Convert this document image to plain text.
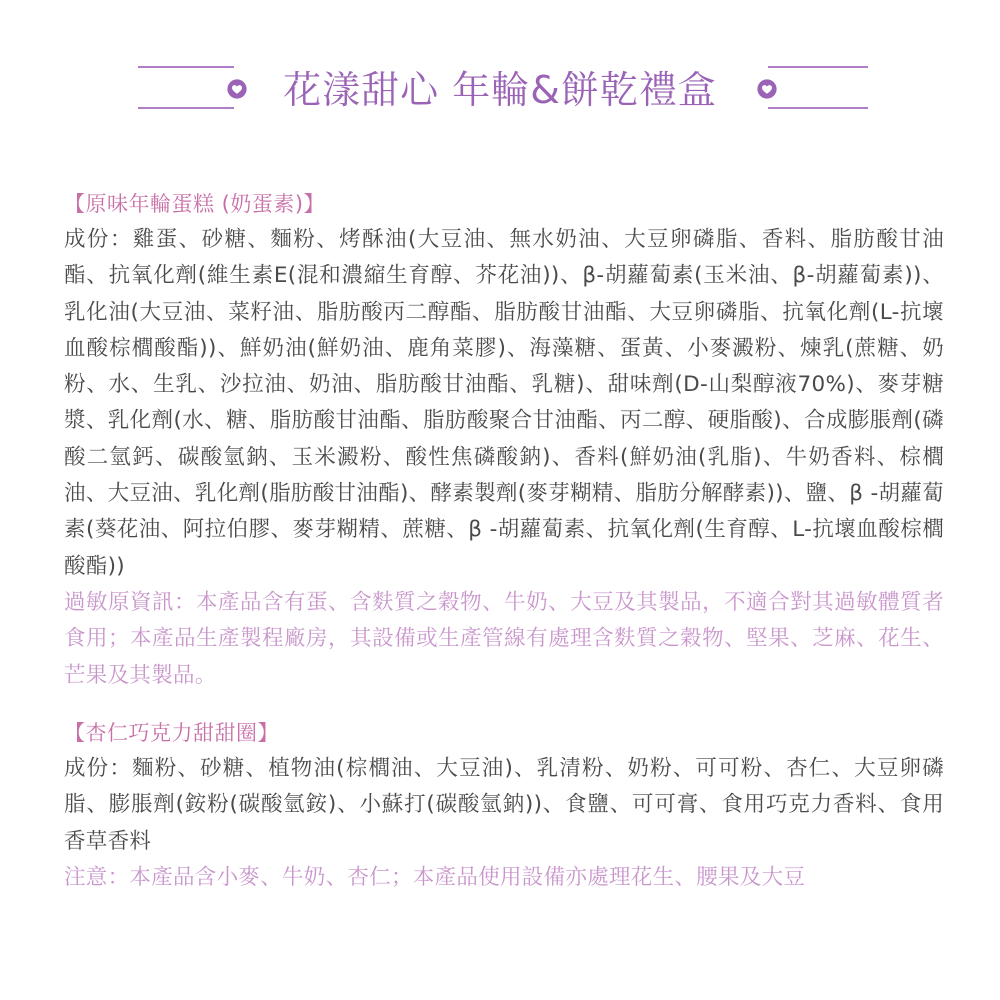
花漾甜心 年輪&餅乾禮盒
【原味年輪蛋糕 (奶蛋素)】

成份：雞蛋、砂糖、麵粉、烤酥油(大豆油、無水奶油、大豆卵磷脂、香料、脂肪酸甘油酯、抗氧化劑(維生素E(混和濃縮生育醇、芥花油))、β-胡蘿蔔素(玉米油、β-胡蘿蔔素))、乳化油(大豆油、菜籽油、脂肪酸丙二醇酯、脂肪酸甘油酯、大豆卵磷脂、抗氧化劑(L-抗壞血酸棕櫚酸酯))、鮮奶油(鮮奶油、鹿角菜膠)、海藻糖、蛋黃、小麥澱粉、煉乳(蔗糖、奶粉、水、生乳、沙拉油、奶油、脂肪酸甘油酯、乳糖)、甜味劑(D-山梨醇液70%)、麥芽糖漿、乳化劑(水、糖、脂肪酸甘油酯、脂肪酸聚合甘油酯、丙二醇、硬脂酸)、合成膨脹劑(磷酸二氫鈣、碳酸氫鈉、玉米澱粉、酸性焦磷酸鈉)、香料(鮮奶油(乳脂)、牛奶香料、棕櫚油、大豆油、乳化劑(脂肪酸甘油酯)、酵素製劑(麥芽糊精、脂肪分解酵素))、鹽、β -胡蘿蔔素(葵花油、阿拉伯膠、麥芽糊精、蔗糖、β -胡蘿蔔素、抗氧化劑(生育醇、L-抗壞血酸棕櫚酸酯))

過敏原資訊：本產品含有蛋、含麩質之穀物、牛奶、大豆及其製品，不適合對其過敏體質者食用；本產品生產製程廠房，其設備或生產管線有處理含麩質之穀物、堅果、芝麻、花生、芒果及其製品。

【杏仁巧克力甜甜圈】

成份：麵粉、砂糖、植物油(棕櫚油、大豆油)、乳清粉、奶粉、可可粉、杏仁、大豆卵磷脂、膨脹劑(銨粉(碳酸氫銨)、小蘇打(碳酸氫鈉))、食鹽、可可膏、食用巧克力香料、食用香草香料

注意：本產品含小麥、牛奶、杏仁；本產品使用設備亦處理花生、腰果及大豆
